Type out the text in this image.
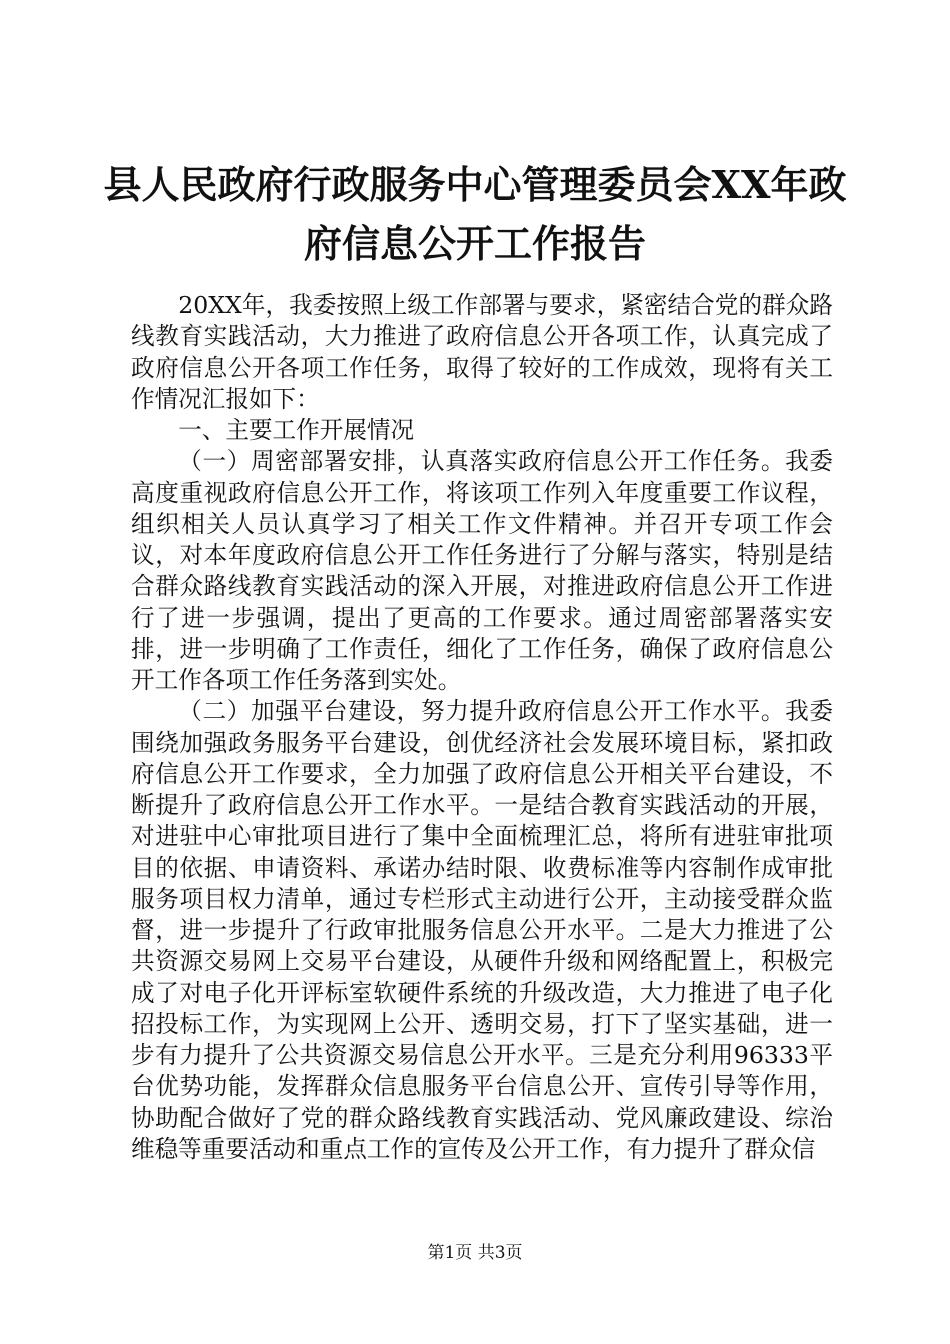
县人民政府行政服务中心管理委员会XX年政
府信息公开工作报告

20XX年，我委按照上级工作部署与要求，紧密结合党的群众路线教育实践活动，大力推进了政府信息公开各项工作，认真完成了政府信息公开各项工作任务，取得了较好的工作成效，现将有关工作情况汇报如下：

一、主要工作开展情况

（一）周密部署安排，认真落实政府信息公开工作任务。我委高度重视政府信息公开工作，将该项工作列入年度重要工作议程，组织相关人员认真学习了相关工作文件精神。并召开专项工作会议，对本年度政府信息公开工作任务进行了分解与落实，特别是结合群众路线教育实践活动的深入开展，对推进政府信息公开工作进行了进一步强调，提出了更高的工作要求。通过周密部署落实安排，进一步明确了工作责任，细化了工作任务，确保了政府信息公开工作各项工作任务落到实处。

（二）加强平台建设，努力提升政府信息公开工作水平。我委围绕加强政务服务平台建设，创优经济社会发展环境目标，紧扣政府信息公开工作要求，全力加强了政府信息公开相关平台建设，不断提升了政府信息公开工作水平。一是结合教育实践活动的开展，对进驻中心审批项目进行了集中全面梳理汇总，将所有进驻审批项目的依据、申请资料、承诺办结时限、收费标准等内容制作成审批服务项目权力清单，通过专栏形式主动进行公开，主动接受群众监督，进一步提升了行政审批服务信息公开水平。二是大力推进了公共资源交易网上交易平台建设，从硬件升级和网络配置上，积极完成了对电子化开评标室软硬件系统的升级改造，大力推进了电子化招投标工作，为实现网上公开、透明交易，打下了坚实基础，进一步有力提升了公共资源交易信息公开水平。三是充分利用96333平台优势功能，发挥群众信息服务平台信息公开、宣传引导等作用，协助配合做好了党的群众路线教育实践活动、党风廉政建设、综治维稳等重要活动和重点工作的宣传及公开工作，有力提升了群众信

第1页 共3页
